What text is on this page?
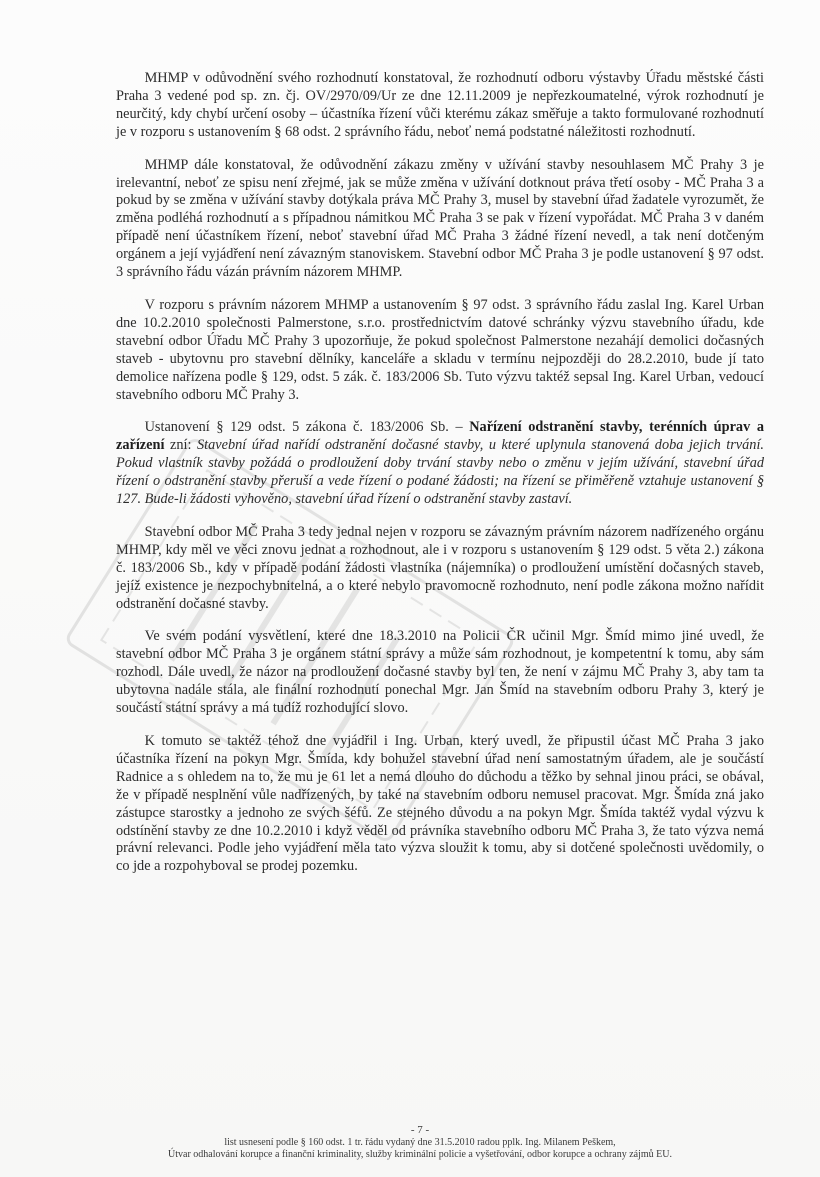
MHMP v odůvodnění svého rozhodnutí konstatoval, že rozhodnutí odboru výstavby Úřadu městské části Praha 3 vedené pod sp. zn. čj. OV/2970/09/Ur ze dne 12.11.2009 je nepřezkoumatelné, výrok rozhodnutí je neurčitý, kdy chybí určení osoby – účastníka řízení vůči kterému zákaz směřuje a takto formulované rozhodnutí je v rozporu s ustanovením § 68 odst. 2 správního řádu, neboť nemá podstatné náležitosti rozhodnutí.

MHMP dále konstatoval, že odůvodnění zákazu změny v užívání stavby nesouhlasem MČ Prahy 3 je irelevantní, neboť ze spisu není zřejmé, jak se může změna v užívání dotknout práva třetí osoby - MČ Praha 3 a pokud by se změna v užívání stavby dotýkala práva MČ Prahy 3, musel by stavební úřad žadatele vyrozumět, že změna podléhá rozhodnutí a s případnou námitkou MČ Praha 3 se pak v řízení vypořádat. MČ Praha 3 v daném případě není účastníkem řízení, neboť stavební úřad MČ Praha 3 žádné řízení nevedl, a tak není dotčeným orgánem a její vyjádření není závazným stanoviskem. Stavební odbor MČ Praha 3 je podle ustanovení § 97 odst. 3 správního řádu vázán právním názorem MHMP.

V rozporu s právním názorem MHMP a ustanovením § 97 odst. 3 správního řádu zaslal Ing. Karel Urban dne 10.2.2010 společnosti Palmerstone, s.r.o. prostřednictvím datové schránky výzvu stavebního úřadu, kde stavební odbor Úřadu MČ Prahy 3 upozorňuje, že pokud společnost Palmerstone nezahájí demolici dočasných staveb - ubytovnu pro stavební dělníky, kanceláře a skladu v termínu nejpozději do 28.2.2010, bude jí tato demolice nařízena podle § 129, odst. 5 zák. č. 183/2006 Sb. Tuto výzvu taktéž sepsal Ing. Karel Urban, vedoucí stavebního odboru MČ Prahy 3.

Ustanovení § 129 odst. 5 zákona č. 183/2006 Sb. – Nařízení odstranění stavby, terénních úprav a zařízení zní: Stavební úřad nařídí odstranění dočasné stavby, u které uplynula stanovená doba jejich trvání. Pokud vlastník stavby požádá o prodloužení doby trvání stavby nebo o změnu v jejím užívání, stavební úřad řízení o odstranění stavby přeruší a vede řízení o podané žádosti; na řízení se přiměřeně vztahuje ustanovení § 127. Bude-li žádosti vyhověno, stavební úřad řízení o odstranění stavby zastaví.

Stavební odbor MČ Praha 3 tedy jednal nejen v rozporu se závazným právním názorem nadřízeného orgánu MHMP, kdy měl ve věci znovu jednat a rozhodnout, ale i v rozporu s ustanovením § 129 odst. 5 věta 2.) zákona č. 183/2006 Sb., kdy v případě podání žádosti vlastníka (nájemníka) o prodloužení umístění dočasných staveb, jejíž existence je nezpochybnitelná, a o které nebylo pravomocně rozhodnuto, není podle zákona možno nařídit odstranění dočasné stavby.

Ve svém podání vysvětlení, které dne 18.3.2010 na Policii ČR učinil Mgr. Šmíd mimo jiné uvedl, že stavební odbor MČ Praha 3 je orgánem státní správy a může sám rozhodnout, je kompetentní k tomu, aby sám rozhodl. Dále uvedl, že názor na prodloužení dočasné stavby byl ten, že není v zájmu MČ Prahy 3, aby tam ta ubytovna nadále stála, ale finální rozhodnutí ponechal Mgr. Jan Šmíd na stavebním odboru Prahy 3, který je součástí státní správy a má tudíž rozhodující slovo.

K tomuto se taktéž téhož dne vyjádřil i Ing. Urban, který uvedl, že připustil účast MČ Praha 3 jako účastníka řízení na pokyn Mgr. Šmída, kdy bohužel stavební úřad není samostatným úřadem, ale je součástí Radnice a s ohledem na to, že mu je 61 let a nemá dlouho do důchodu a těžko by sehnal jinou práci, se obával, že v případě nesplnění vůle nadřízených, by také na stavebním odboru nemusel pracovat. Mgr. Šmída zná jako zástupce starostky a jednoho ze svých šéfů. Ze stejného důvodu a na pokyn Mgr. Šmída taktéž vydal výzvu k odstínění stavby ze dne 10.2.2010 i když věděl od právníka stavebního odboru MČ Praha 3, že tato výzva nemá právní relevanci. Podle jeho vyjádření měla tato výzva sloužit k tomu, aby si dotčené společnosti uvědomily, o co jde a rozpohyboval se prodej pozemku.

- 7 -
list usnesení podle § 160 odst. 1 tr. řádu vydaný dne 31.5.2010 radou pplk. Ing. Milanem Peškem,
Útvar odhalování korupce a finanční kriminality, služby kriminální policie a vyšetřování, odbor korupce a ochrany zájmů EU.
